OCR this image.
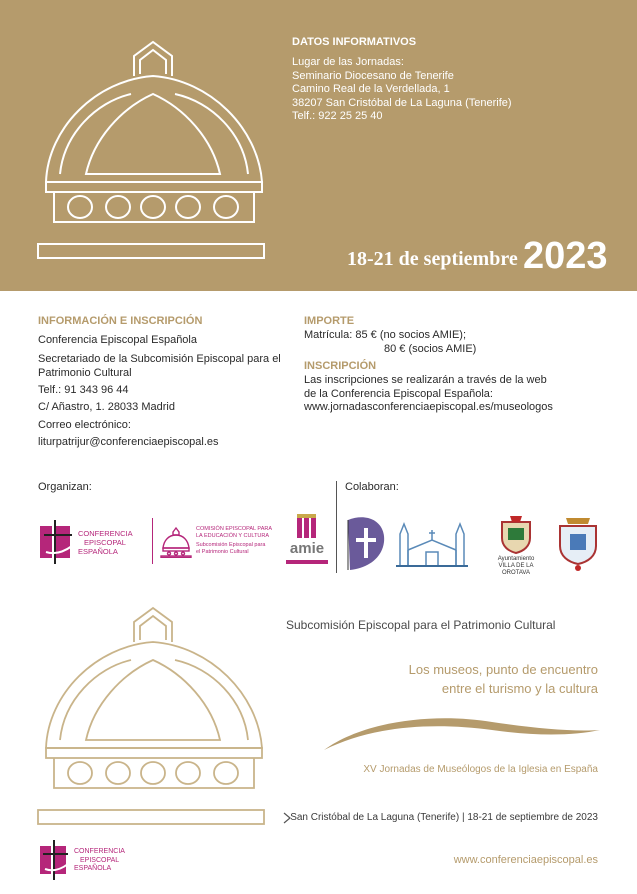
DATOS INFORMATIVOS
Lugar de las Jornadas:
Seminario Diocesano de Tenerife
Camino Real de la Verdellada, 1
38207 San Cristóbal de La Laguna (Tenerife)
Telf.: 922 25 25 40
18-21 de septiembre 2023
INFORMACIÓN E INSCRIPCIÓN
Conferencia Episcopal Española
Secretariado de la Subcomisión Episcopal para el Patrimonio Cultural
Telf.: 91 343 96 44
C/ Añastro, 1. 28033 Madrid
Correo electrónico:
liturpatrijur@conferenciaepiscopal.es
IMPORTE
Matrícula: 85 € (no socios AMIE);
80 € (socios AMIE)
INSCRIPCIÓN
Las inscripciones se realizarán a través de la web
de la Conferencia Episcopal Española:
www.jornadasconferenciaepiscopal.es/museologos
Organizan:	Colaboran:
CONFERENCIA
EPISCOPAL
ESPAÑOLA
COMISIÓN EPISCOPAL PARA
LA EDUCACIÓN Y CULTURA
Subcomisión Episcopal para
el Patrimonio Cultural	amie
Ayuntamiento
VILLA DE LA OROTAVA
Subcomisión Episcopal para el Patrimonio Cultural
Los museos, punto de encuentro
entre el turismo y la cultura
XV Jornadas de Museólogos de la Iglesia en España
San Cristóbal de La Laguna (Tenerife) | 18-21 de septiembre de 2023
CONFERENCIA
EPISCOPAL
ESPAÑOLA
www.conferenciaepiscopal.es
